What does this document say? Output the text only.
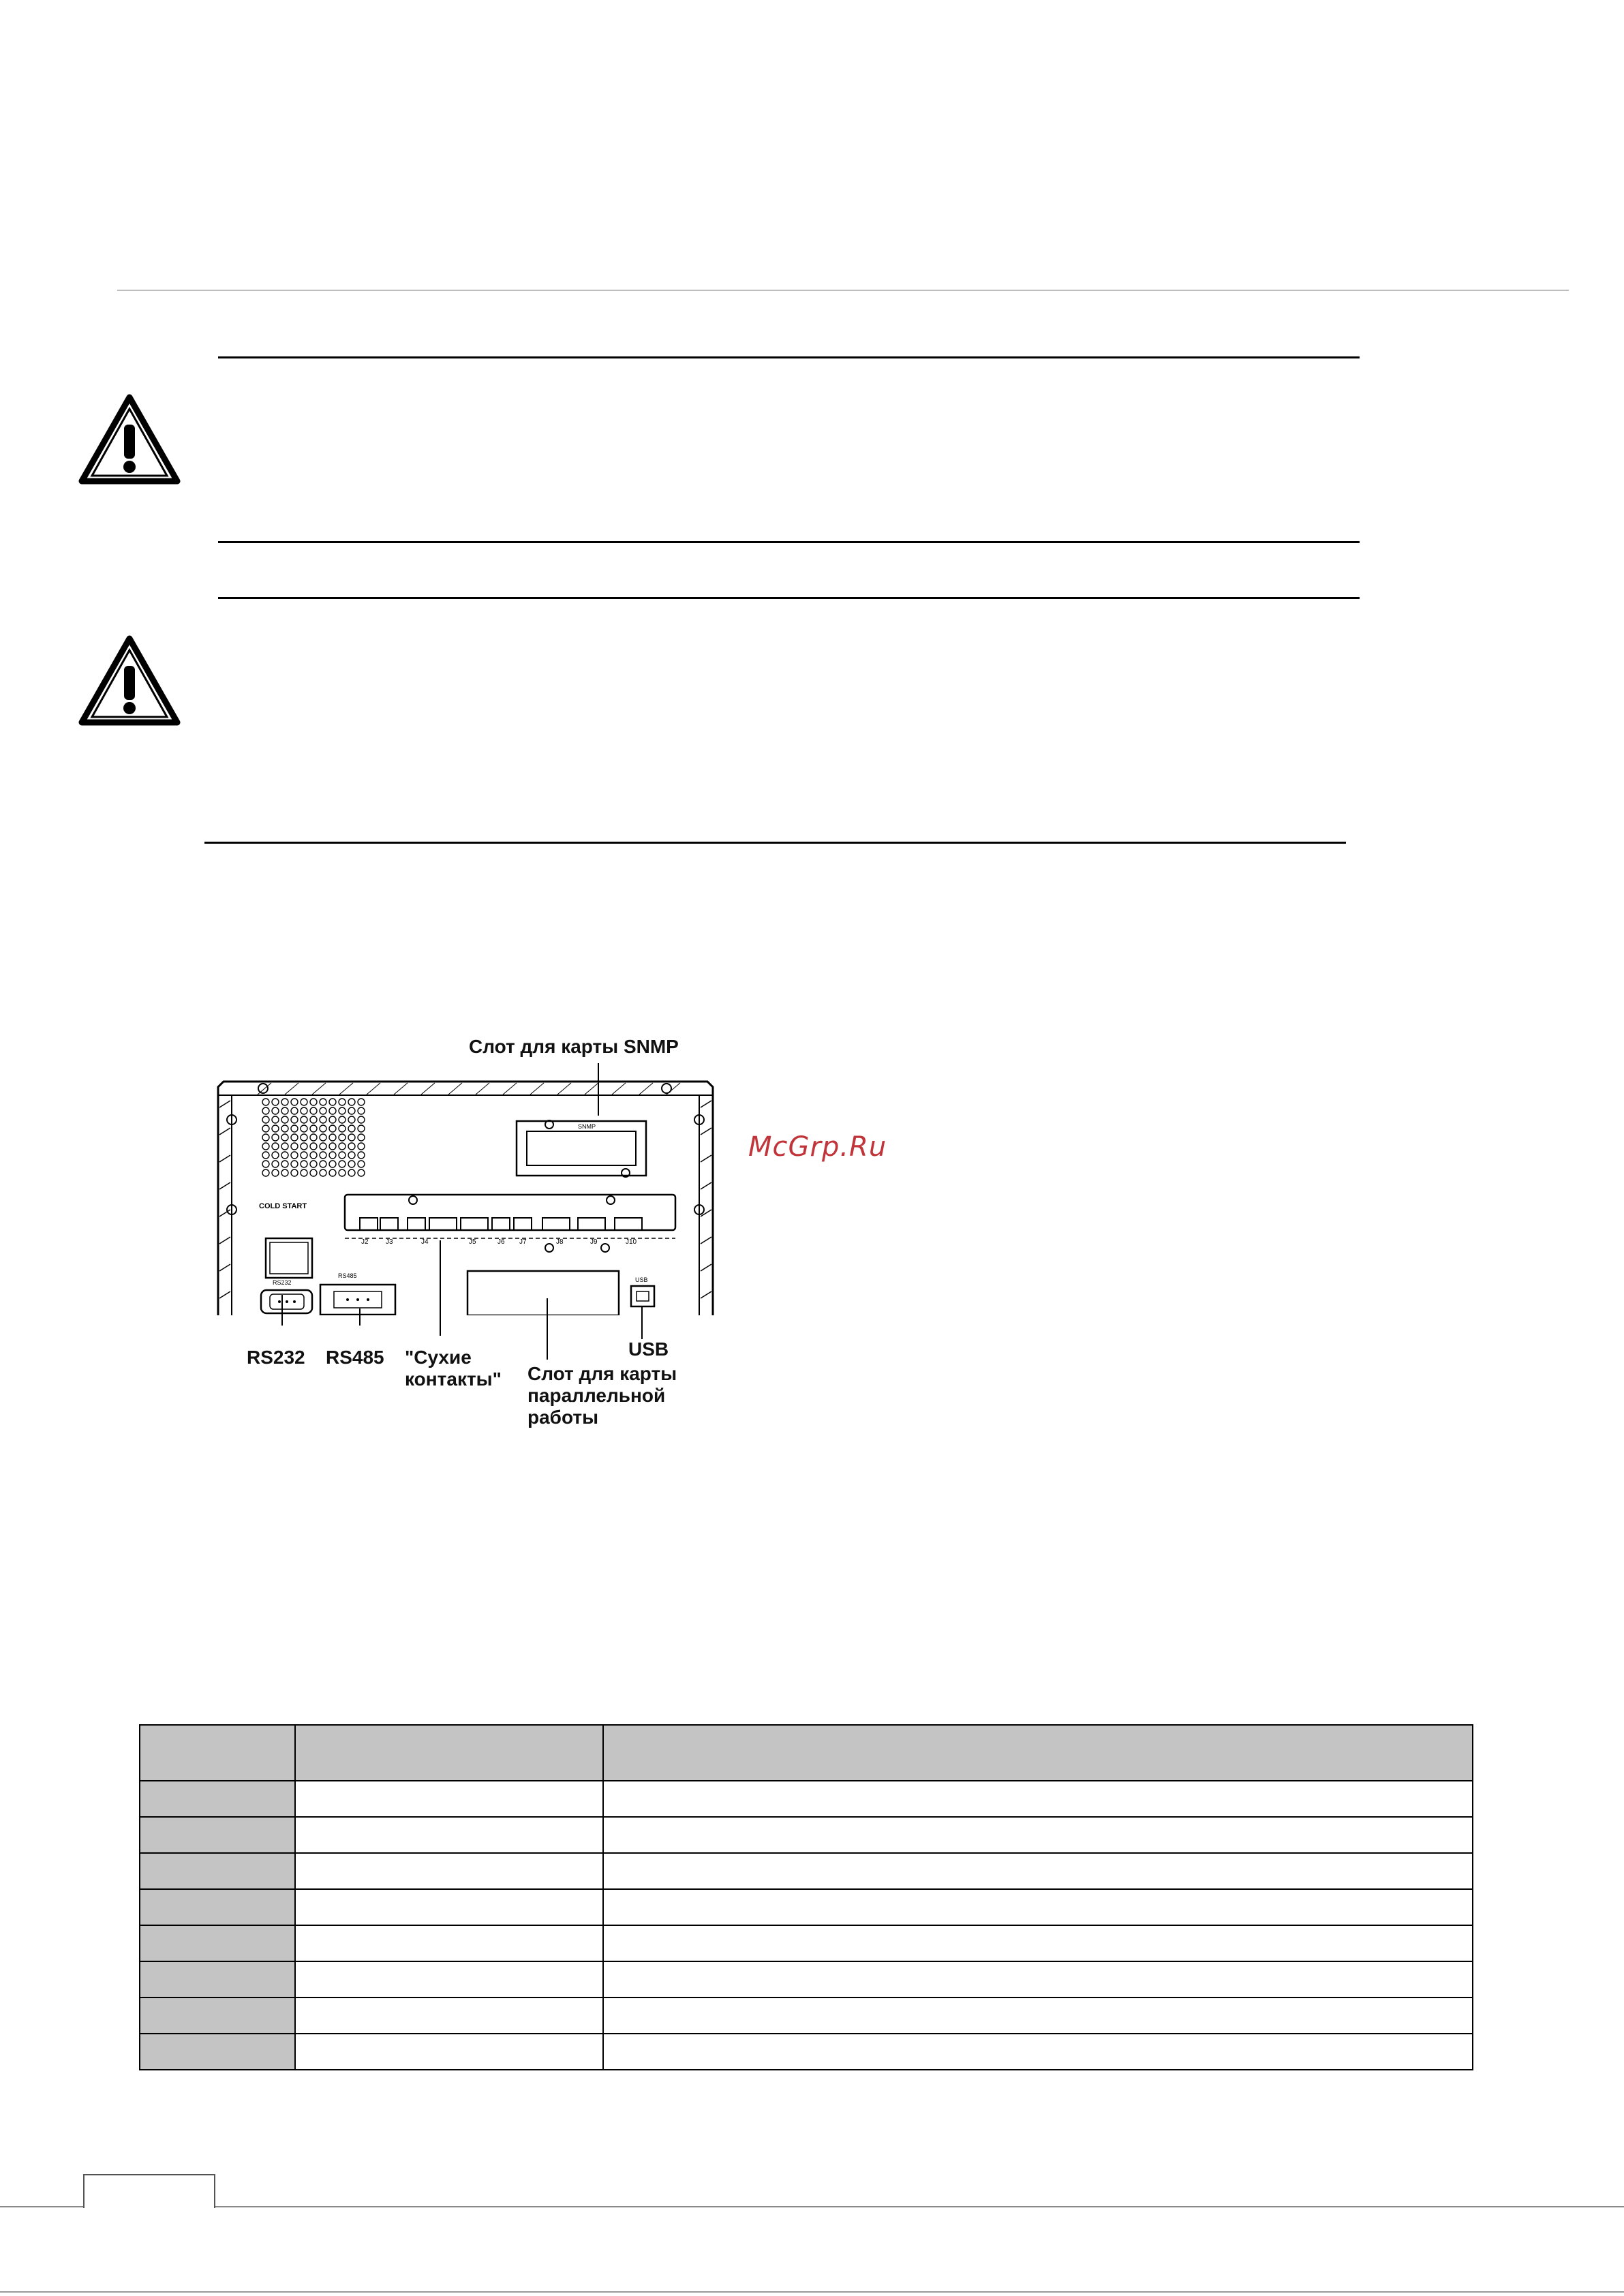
SNMP
J2	J3	J4	J5	J6 J7	J8	J9	J10
COLD START
RS232
RS485
USB
Слот для карты SNMP
RS232 RS485 "Сухие
контакты" Слот для карты
параллельной
работы
USB
McGrp.Ru
